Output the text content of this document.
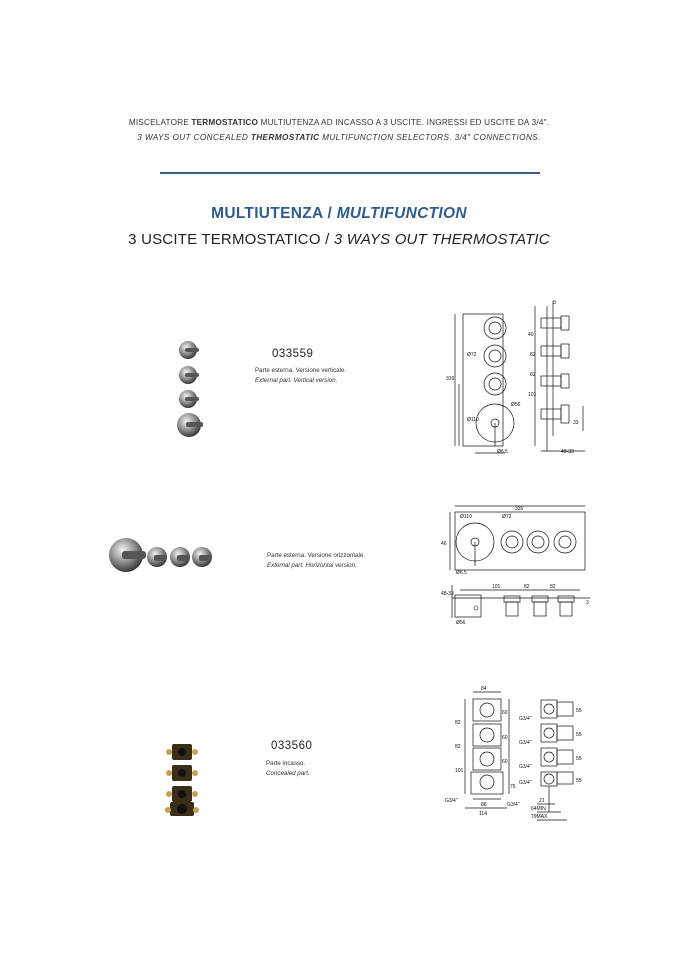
MISCELATORE TERMOSTATICO MULTIUTENZA AD INCASSO A 3 USCITE. INGRESSI ED USCITE DA 3/4".
3 WAYS OUT CONCEALED THERMOSTATIC MULTIFUNCTION SELECTORS. 3/4" CONNECTIONS.
MULTIUTENZA / MULTIFUNCTION
3 USCITE TERMOSTATICO / 3 WAYS OUT THERMOSTATIC
033559
Parte esterna. Versione verticale.
External part. Vertical version.	316
Ø72
Ø110
Ø56
Ø6.5
40
101
48-33
3
33
82
82
Parte esterna. Versione orizzontale.
External part. Horizontal version.
335
Ø110	Ø72
46
Ø6.5
101	82	82
48-33
Ø56
3
033560
Parte incasso.
Concealed part.
84
82
82
101
60
60
60
76
86
114
G3/4"
G3/4"
G3/4"
G3/4"
G3/4"
G3/4"
21
64MIN
79MAX
55
55
55
55
